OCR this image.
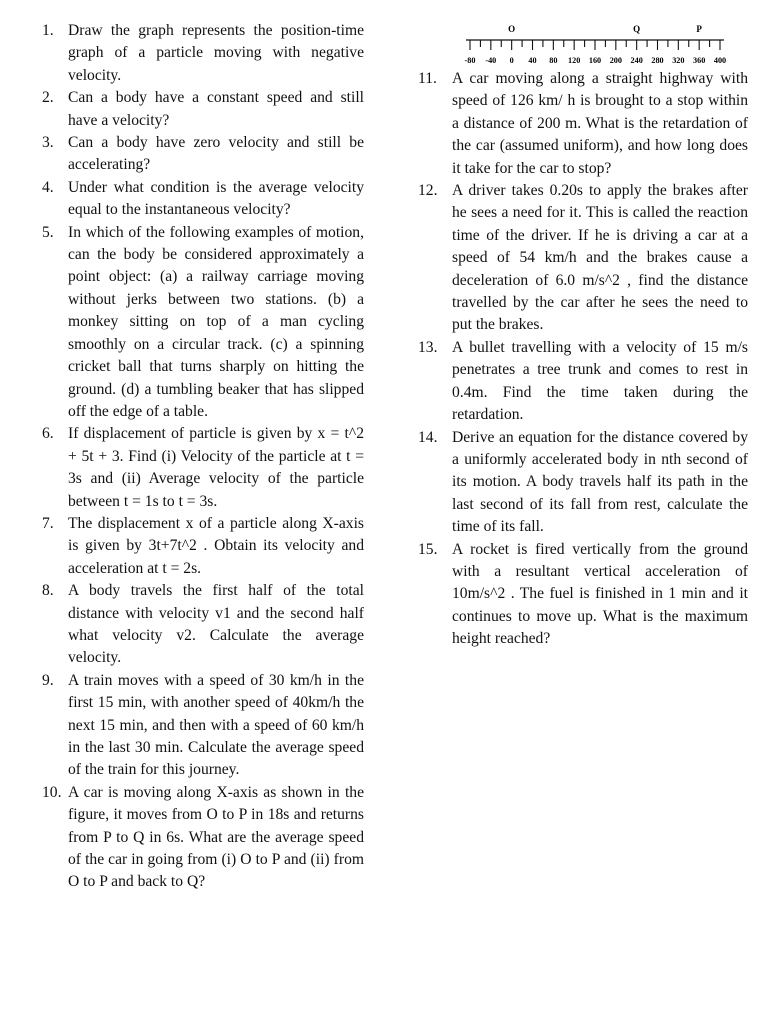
1. Draw the graph represents the position-time graph of a particle moving with negative velocity.
2. Can a body have a constant speed and still have a velocity?
3. Can a body have zero velocity and still be accelerating?
4. Under what condition is the average velocity equal to the instantaneous velocity?
5. In which of the following examples of motion, can the body be considered approximately a point object: (a) a railway carriage moving without jerks between two stations. (b) a monkey sitting on top of a man cycling smoothly on a circular track. (c) a spinning cricket ball that turns sharply on hitting the ground. (d) a tumbling beaker that has slipped off the edge of a table.
6. If displacement of particle is given by x = t^2 + 5t + 3. Find (i) Velocity of the particle at t = 3s and (ii) Average velocity of the particle between t = 1s to t = 3s.
7. The displacement x of a particle along X-axis is given by 3t+7t^2 . Obtain its velocity and acceleration at t = 2s.
8. A body travels the first half of the total distance with velocity v1 and the second half what velocity v2. Calculate the average velocity.
9. A train moves with a speed of 30 km/h in the first 15 min, with another speed of 40km/h the next 15 min, and then with a speed of 60 km/h in the last 30 min. Calculate the average speed of the train for this journey.
10. A car is moving along X-axis as shown in the figure, it moves from O to P in 18s and returns from P to Q in 6s. What are the average speed of the car in going from (i) O to P and (ii) from O to P and back to Q?
-80 -40 0 40 80 120 160 200 240 280 320 360 400
O	Q	P
11. A car moving along a straight highway with speed of 126 km/ h is brought to a stop within a distance of 200 m. What is the retardation of the car (assumed uniform), and how long does it take for the car to stop?
12. A driver takes 0.20s to apply the brakes after he sees a need for it. This is called the reaction time of the driver. If he is driving a car at a speed of 54 km/h and the brakes cause a deceleration of 6.0 m/s^2 , find the distance travelled by the car after he sees the need to put the brakes.
13. A bullet travelling with a velocity of 15 m/s penetrates a tree trunk and comes to rest in 0.4m. Find the time taken during the retardation.
14. Derive an equation for the distance covered by a uniformly accelerated body in nth second of its motion. A body travels half its path in the last second of its fall from rest, calculate the time of its fall.
15. A rocket is fired vertically from the ground with a resultant vertical acceleration of 10m/s^2 . The fuel is finished in 1 min and it continues to move up. What is the maximum height reached?
